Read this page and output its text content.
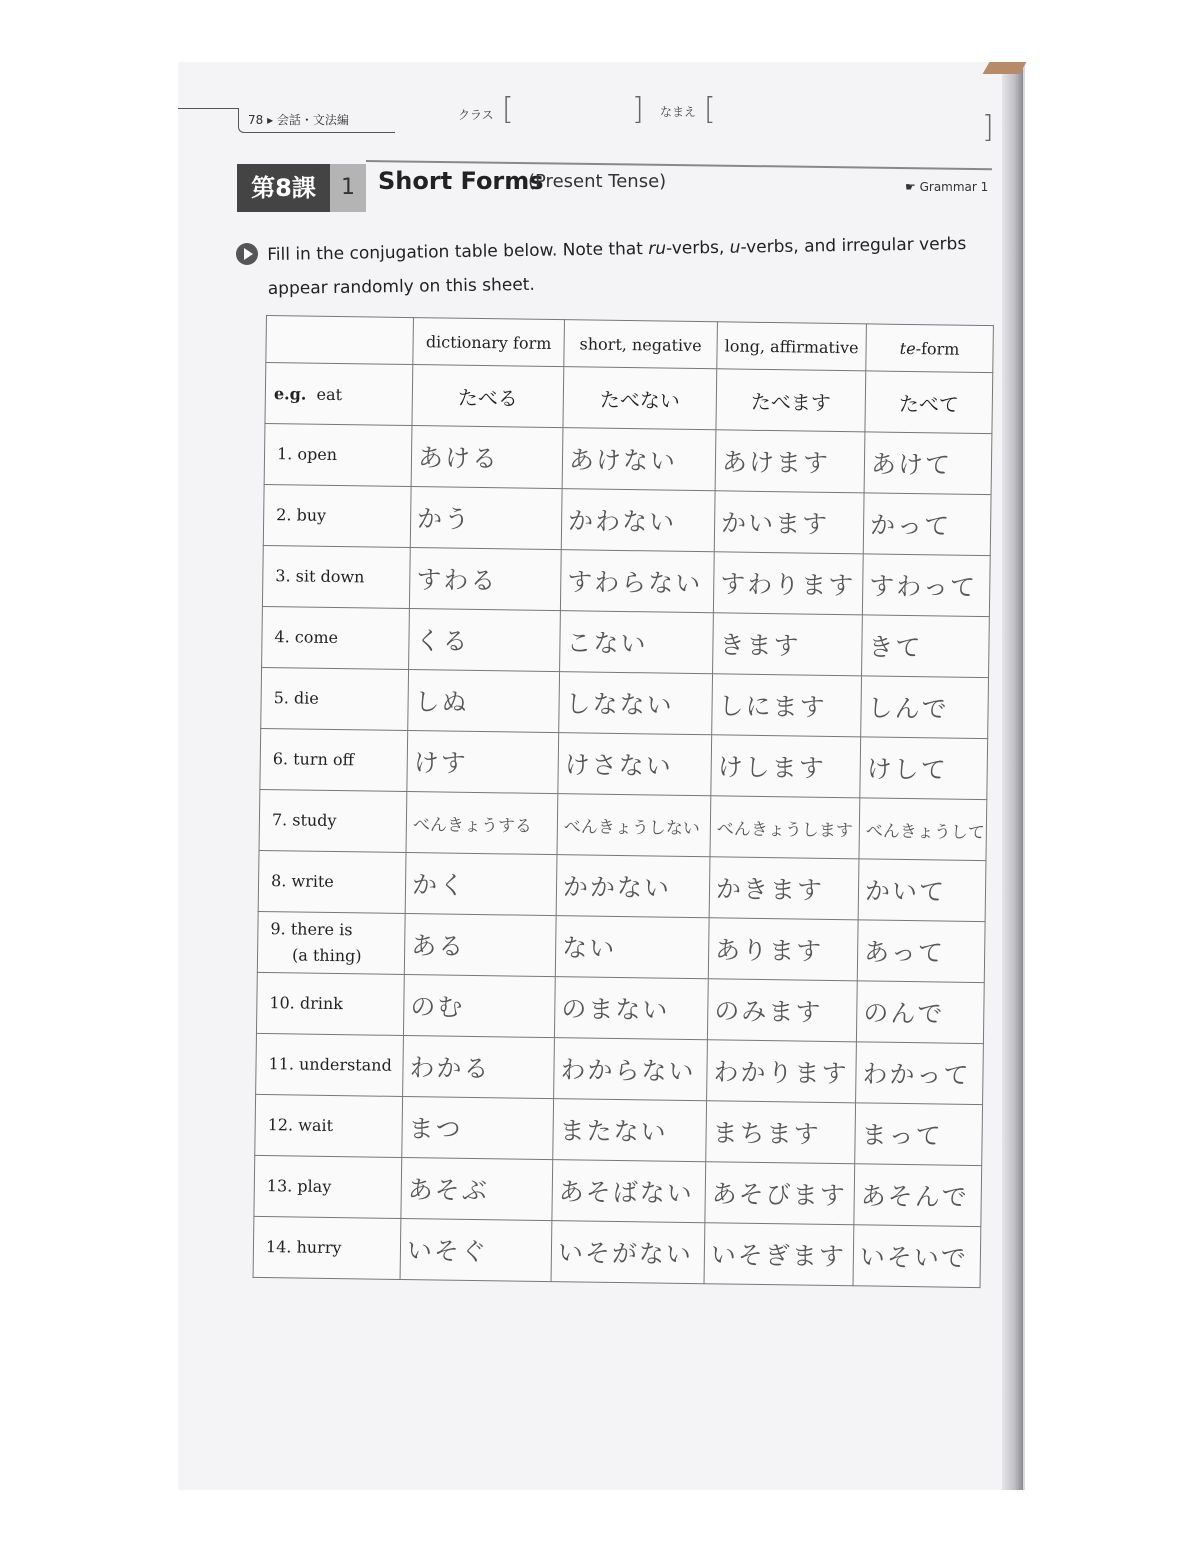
78 ▸ 会話・文法編	クラス [	] なまえ [
]
第8課	1 Short Forms
(Present Tense)	☛ Grammar 1
Fill in the conjugation table below. Note that ru-verbs, u-verbs, and irregular verbs appear randomly on this sheet.
	dictionary form	short, negative	long, affirmative	te-form
e.g. eat	たべる	たべない	たべます	たべて
1. open	あける	あけない	あけます	あけて
2. buy	かう	かわない	かいます	かって
3. sit down	すわる	すわらない	すわります	すわって
4. come	くる	こない	きます	きて
5. die	しぬ	しなない	しにます	しんで
6. turn off	けす	けさない	けします	けして
7. study	べんきょうする	べんきょうしない	べんきょうします	べんきょうして
8. write	かく	かかない	かきます	かいて
9. there is
(a thing)	ある	ない	あります	あって
10. drink	のむ	のまない	のみます	のんで
11. understand	わかる	わからない	わかります	わかって
12. wait	まつ	またない	まちます	まって
13. play	あそぶ	あそばない	あそびます	あそんで
14. hurry	いそぐ	いそがない	いそぎます	いそいで
